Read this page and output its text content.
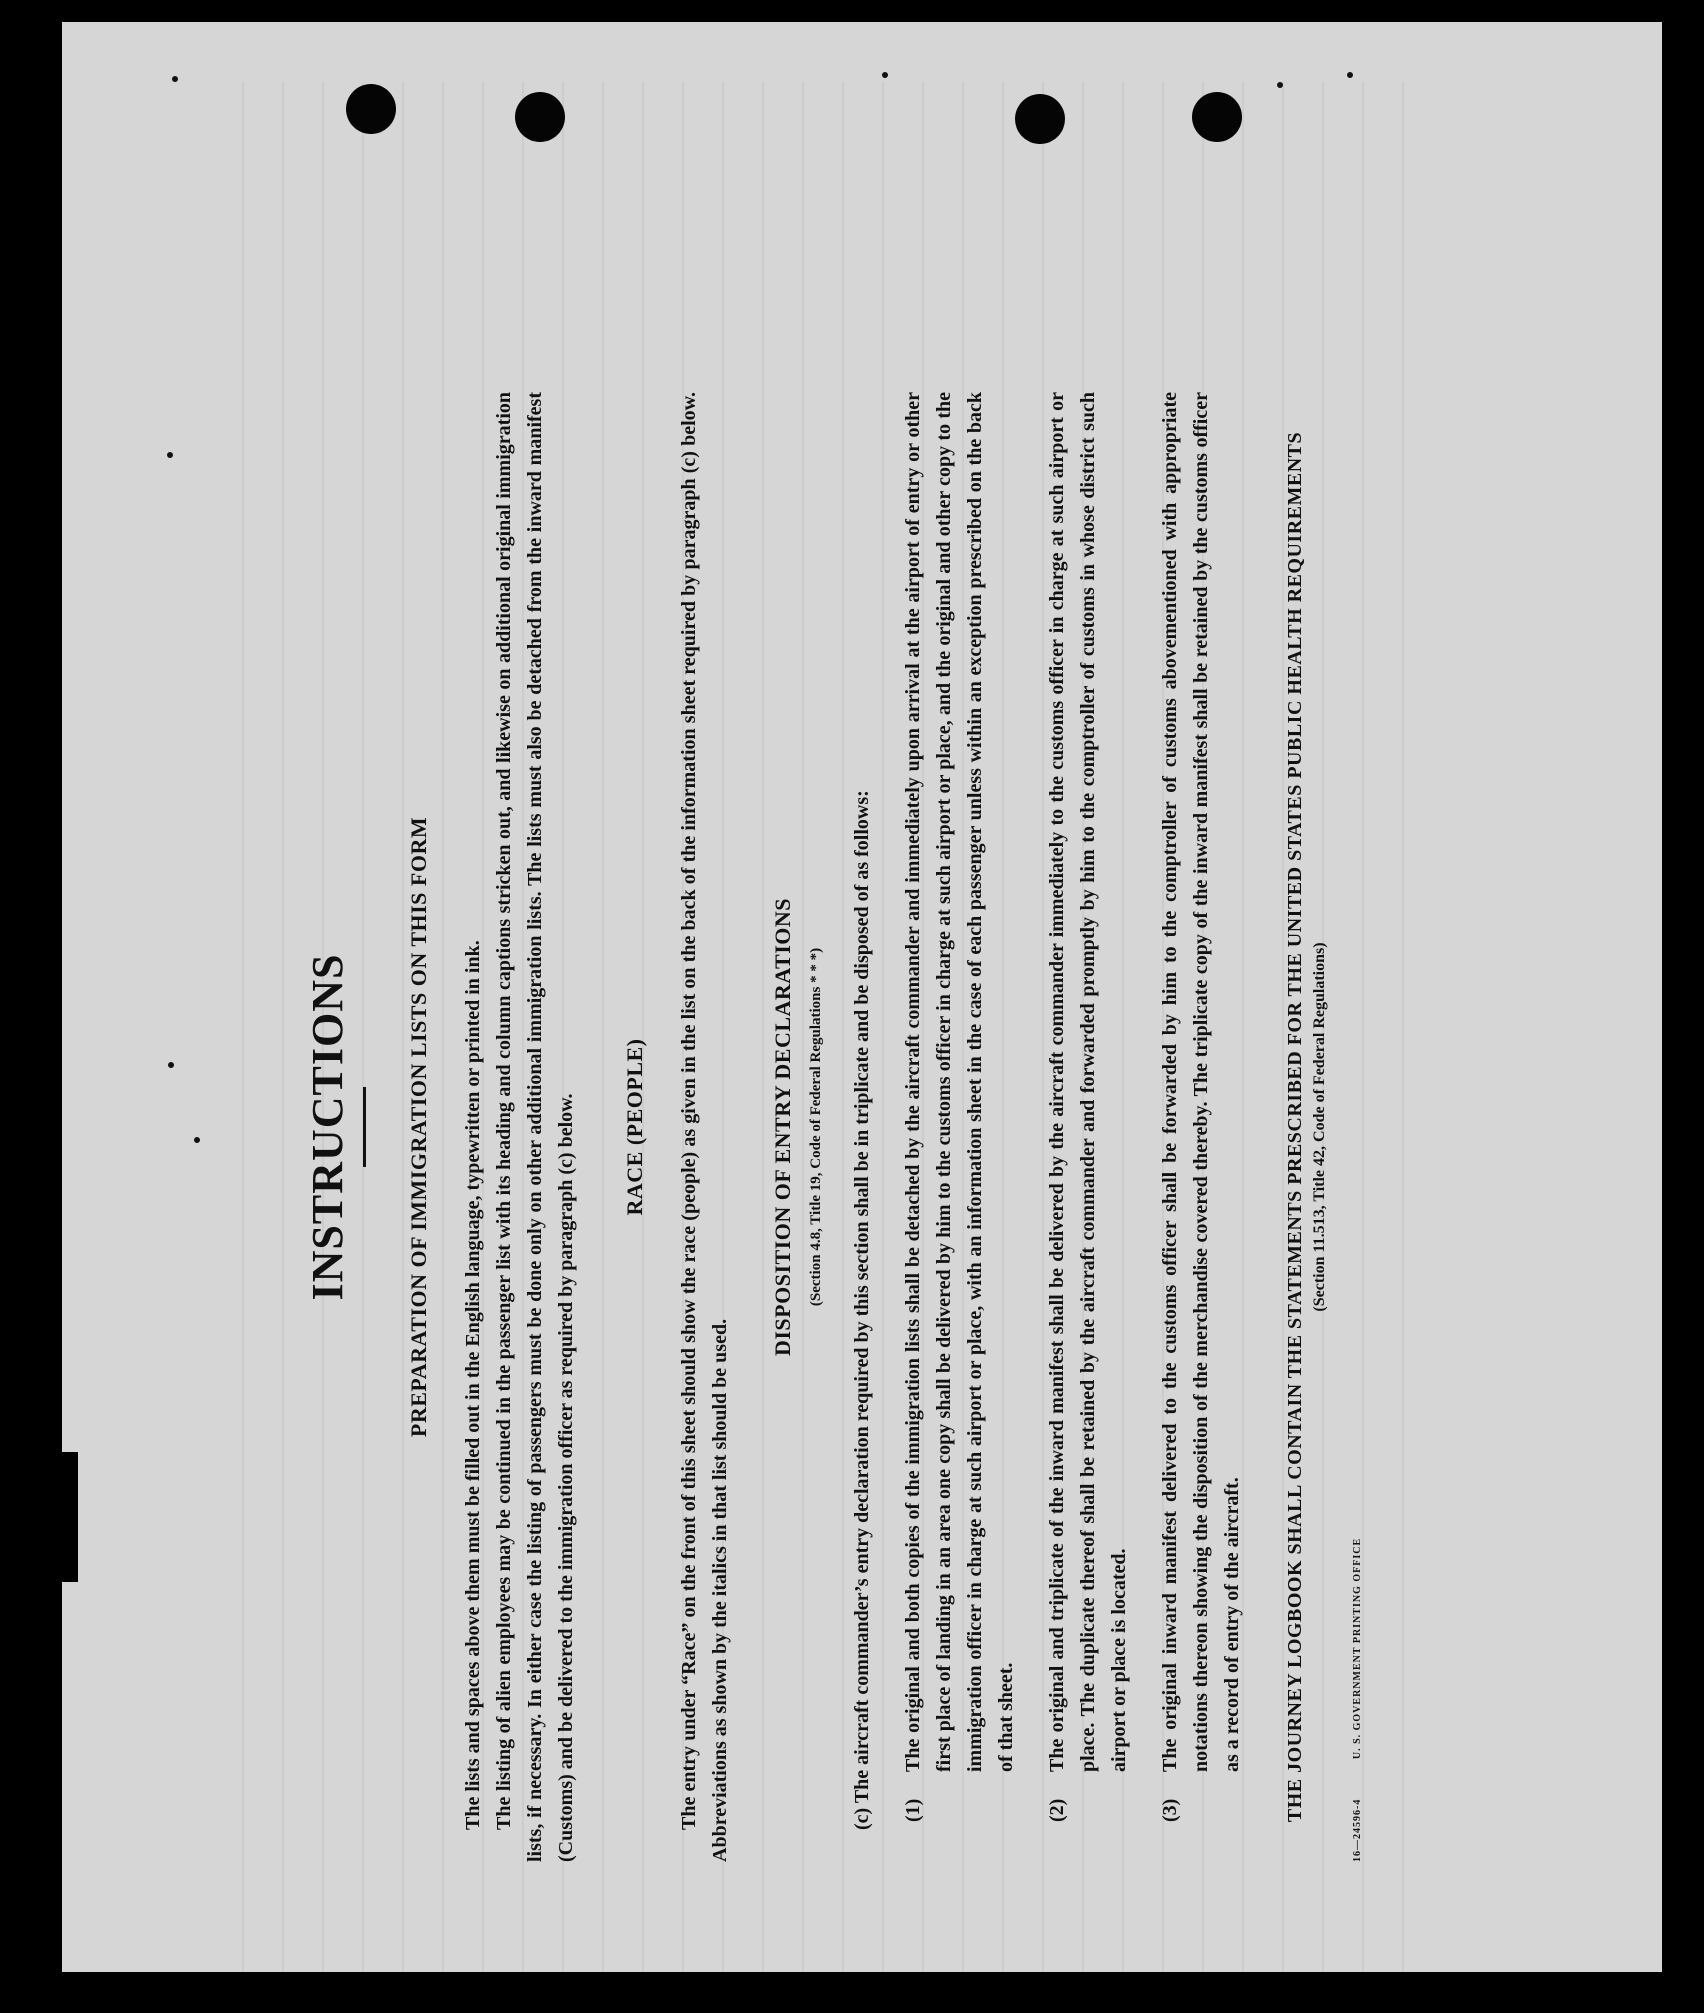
INSTRUCTIONS PREPARATION OF IMMIGRATION LISTS ON THIS FORM The lists and spaces above them must be filled out in the English language, typewritten or printed in ink. The listing of alien employees may be continued in the passenger list with its heading and column captions stricken out, and likewise on additional original immigration lists, if necessary. In either case the listing of passengers must be done only on other additional immigration lists. The lists must also be detached from the inward manifest (Customs) and be delivered to the immigration officer as required by paragraph (c) below. RACE (PEOPLE) The entry under “Race” on the front of this sheet should show the race (people) as given in the list on the back of the information sheet required by paragraph (c) below. Abbreviations as shown by the italics in that list should be used.

DISPOSITION OF ENTRY DECLARATIONS (Section 4.8, Title 19, Code of Federal Regulations * * *) (c) The aircraft commander’s entry declaration required by this section shall be in triplicate and be disposed of as follows: (1)

The original and both copies of the immigration lists shall be detached by the aircraft commander and immediately upon arrival at the airport of entry or other first place of landing in an area one copy shall be delivered by him to the customs officer in charge at such airport or place, and the original and other copy to the immigration officer in charge at such airport or place, with an information sheet in the case of each passenger unless within an exception prescribed on the back of that sheet.

(2)

The original and triplicate of the inward manifest shall be delivered by the aircraft commander immediately to the customs officer in charge at such airport or place. The duplicate thereof shall be retained by the aircraft commander and forwarded promptly by him to the comptroller of customs in whose district such airport or place is located.

(3)

The original inward manifest delivered to the customs officer shall be forwarded by him to the comptroller of customs abovementioned with appropriate notations thereon showing the disposition of the merchandise covered thereby. The triplicate copy of the inward manifest shall be retained by the customs officer as a record of entry of the aircraft. THE JOURNEY LOGBOOK SHALL CONTAIN THE STATEMENTS PRESCRIBED FOR THE UNITED STATES PUBLIC HEALTH REQUIREMENTS (Section 11.513, Title 42, Code of Federal Regulations)
16—24596-4 U. S. GOVERNMENT PRINTING OFFICE
